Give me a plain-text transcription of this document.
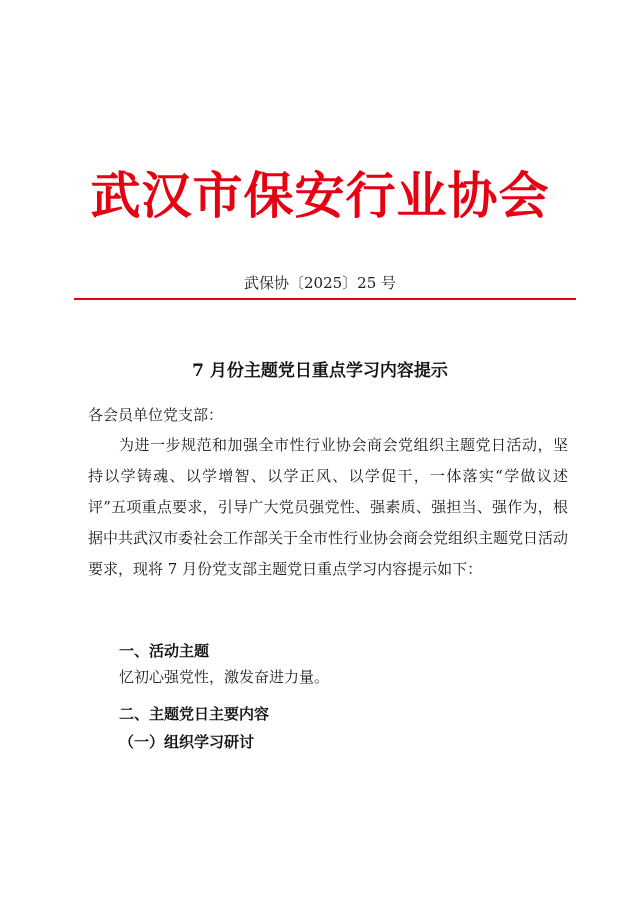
武汉市保安行业协会
武保协〔2025〕25 号
7 月份主题党日重点学习内容提示
各会员单位党支部：
为进一步规范和加强全市性行业协会商会党组织主题党日活动，坚持以学铸魂、以学增智、以学正风、以学促干，一体落实“学做议述评”五项重点要求，引导广大党员强党性、强素质、强担当、强作为，根据中共武汉市委社会工作部关于全市性行业协会商会党组织主题党日活动要求，现将 7 月份党支部主题党日重点学习内容提示如下：
一、活动主题
忆初心强党性，激发奋进力量。
二、主题党日主要内容
（一）组织学习研讨
